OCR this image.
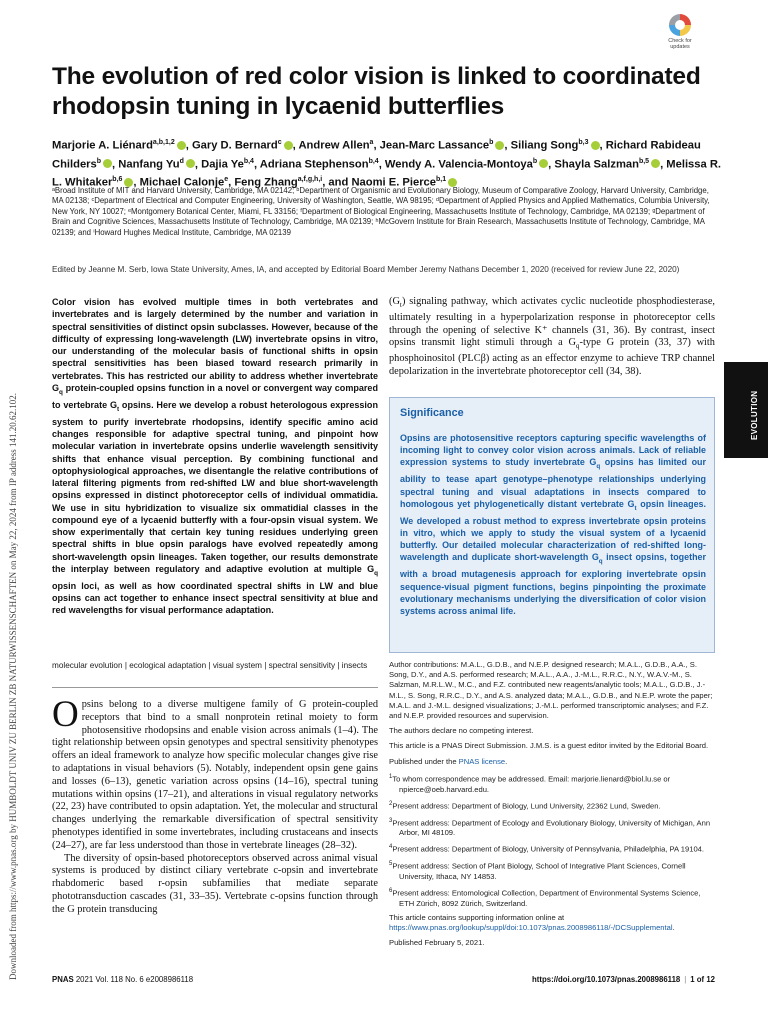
Check for
updates
The evolution of red color vision is linked to coordinated rhodopsin tuning in lycaenid butterflies
Marjorie A. Liénard$^{a,b,1,2}$ , Gary D. Bernard$^c$ , Andrew Allen$^a$, Jean-Marc Lassance$^b$ , Siliang Song$^{b,3}$ , Richard Rabideau Childers$^b$ , Nanfang Yu$^d$ , Dajia Ye$^{b,4}$, Adriana Stephenson$^{b,4}$, Wendy A. Valencia-Montoya$^b$ , Shayla Salzman$^{b,5}$ , Melissa R. L. Whitaker$^{b,6}$ , Michael Calonje$^e$, Feng Zhang$^{a,f,g,h,i}$, and Naomi E. Pierce$^{b,1}$
ᵃBroad Institute of MIT and Harvard University, Cambridge, MA 02142; ᵇDepartment of Organismic and Evolutionary Biology, Museum of Comparative Zoology, Harvard University, Cambridge, MA 02138; ᶜDepartment of Electrical and Computer Engineering, University of Washington, Seattle, WA 98195; ᵈDepartment of Applied Physics and Applied Mathematics, Columbia University, New York, NY 10027; ᵉMontgomery Botanical Center, Miami, FL 33156; ᶠDepartment of Biological Engineering, Massachusetts Institute of Technology, Cambridge, MA 02139; ᵍDepartment of Brain and Cognitive Sciences, Massachusetts Institute of Technology, Cambridge, MA 02139; ʰMcGovern Institute for Brain Research, Massachusetts Institute of Technology, Cambridge, MA 02139; and ⁱHoward Hughes Medical Institute, Cambridge, MA 02139
Edited by Jeanne M. Serb, Iowa State University, Ames, IA, and accepted by Editorial Board Member Jeremy Nathans December 1, 2020 (received for review June 22, 2020)
Downloaded from https://www.pnas.org by HUMBOLDT UNIV ZU BERLIN ZB NATURWISSENSCHAFTEN on May 22, 2024 from IP address 141.20.62.102.	EVOLUTION
Color vision has evolved multiple times in both vertebrates and invertebrates and is largely determined by the number and variation in spectral sensitivities of distinct opsin subclasses. However, because of the difficulty of expressing long-wavelength (LW) invertebrate opsins in vitro, our understanding of the molecular basis of functional shifts in opsin spectral sensitivities has been biased toward research primarily in vertebrates. This has restricted our ability to address whether invertebrate $G_q$ protein-coupled opsins function in a novel or convergent way compared to vertebrate $G_t$ opsins. Here we develop a robust heterologous expression system to purify invertebrate rhodopsins, identify specific amino acid changes responsible for adaptive spectral tuning, and pinpoint how molecular variation in invertebrate opsins underlie wavelength sensitivity shifts that enhance visual perception. By combining functional and optophysiological approaches, we disentangle the relative contributions of lateral filtering pigments from red-shifted LW and blue short-wavelength opsins expressed in distinct photoreceptor cells of individual ommatidia. We use in situ hybridization to visualize six ommatidial classes in the compound eye of a lycaenid butterfly with a four-opsin visual system. We show experimentally that certain key tuning residues underlying green spectral shifts in blue opsin paralogs have evolved repeatedly among short-wavelength opsin lineages. Taken together, our results demonstrate the interplay between regulatory and adaptive evolution at multiple $G_q$ opsin loci, as well as how coordinated spectral shifts in LW and blue opsins can act together to enhance insect spectral sensitivity at blue and red wavelengths for visual performance adaptation.
molecular evolution | ecological adaptation | visual system | spectral sensitivity | insects

O psins belong to a diverse multigene family of G protein-coupled receptors that bind to a small nonprotein retinal moiety to form photosensitive rhodopsins and enable vision across animals (1–4). The tight relationship between opsin genotypes and spectral sensitivity phenotypes offers an ideal framework to analyze how specific molecular changes give rise to adaptations in visual behaviors (5). Notably, independent opsin gene gains and losses (6–13), genetic variation across opsins (14–16), spectral tuning mutations within opsins (17–21), and alterations in visual regulatory networks (22, 23) have contributed to opsin adaptation. Yet, the molecular and structural changes underlying the remarkable diversification of spectral sensitivity phenotypes identified in some invertebrates, including crustaceans and insects (24–27), are far less understood than those in vertebrate lineages (28–32).

The diversity of opsin-based photoreceptors observed across animal visual systems is produced by distinct ciliary vertebrate c-opsin and invertebrate rhabdomeric based r-opsin subfamilies that mediate separate phototransduction cascades (31, 33–35). Vertebrate c-opsins function through the G protein transducing

$(G_t)$ signaling pathway, which activates cyclic nucleotide phosphodiesterase, ultimately resulting in a hyperpolarization response in photoreceptor cells through the opening of selective K⁺ channels (31, 36). By contrast, insect opsins transmit light stimuli through a $G_q$-type G protein (33, 37) with phosphoinositol (PLCβ) acting as an effector enzyme to achieve TRP channel depolarization in the invertebrate photoreceptor cell (34, 38).
Significance
Opsins are photosensitive receptors capturing specific wavelengths of incoming light to convey color vision across animals. Lack of reliable expression systems to study invertebrate $G_q$ opsins has limited our ability to tease apart genotype–phenotype relationships underlying spectral tuning and visual adaptations in insects compared to homologous yet phylogenetically distant vertebrate $G_t$ opsin lineages. We developed a robust method to express invertebrate opsin proteins in vitro, which we apply to study the visual system of a lycaenid butterfly. Our detailed molecular characterization of red-shifted long-wavelength and duplicate short-wavelength $G_q$ insect opsins, together with a broad mutagenesis approach for exploring invertebrate opsin sequence-visual pigment functions, begins pinpointing the proximate evolutionary mechanisms underlying the diversification of color vision systems across animal life.

Author contributions: M.A.L., G.D.B., and N.E.P. designed research; M.A.L., G.D.B., A.A., S. Song, D.Y., and A.S. performed research; M.A.L., A.A., J.-M.L., R.R.C., N.Y., W.A.V.-M., S. Salzman, M.R.L.W., M.C., and F.Z. contributed new reagents/analytic tools; M.A.L., G.D.B., J.-M.L., S. Song, R.R.C., D.Y., and A.S. analyzed data; M.A.L., G.D.B., and N.E.P. wrote the paper; M.A.L. and J.-M.L. designed visualizations; J.-M.L. performed transcriptomic analyses; and F.Z. and N.E.P. provided resources and supervision.

The authors declare no competing interest.

This article is a PNAS Direct Submission. J.M.S. is a guest editor invited by the Editorial Board.

Published under the PNAS license.

$^1$To whom correspondence may be addressed. Email: marjorie.lienard@biol.lu.se or npierce@oeb.harvard.edu.
$^2$Present address: Department of Biology, Lund University, 22362 Lund, Sweden.
$^3$Present address: Department of Ecology and Evolutionary Biology, University of Michigan, Ann Arbor, MI 48109.
$^4$Present address: Department of Biology, University of Pennsylvania, Philadelphia, PA 19104.
$^5$Present address: Section of Plant Biology, School of Integrative Plant Sciences, Cornell University, Ithaca, NY 14853.
$^6$Present address: Entomological Collection, Department of Environmental Systems Science, ETH Zürich, 8092 Zürich, Switzerland.

This article contains supporting information online at https://www.pnas.org/lookup/suppl/doi:10.1073/pnas.2008986118/-/DCSupplemental.

Published February 5, 2021.

PNAS 2021 Vol. 118 No. 6 e2008986118	https://doi.org/10.1073/pnas.2008986118 | 1 of 12
